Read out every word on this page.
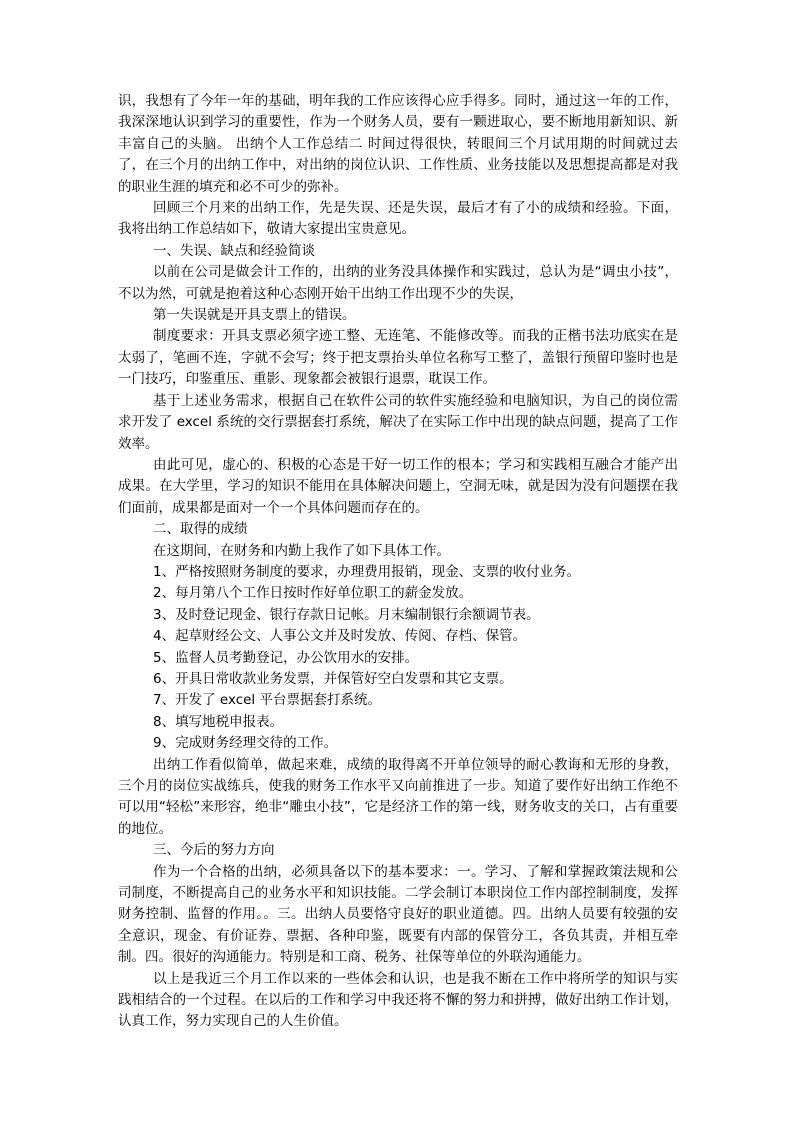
识，我想有了今年一年的基础，明年我的工作应该得心应手得多。同时，通过这一年的工作，我深深地认识到学习的重要性，作为一个财务人员，要有一颗进取心，要不断地用新知识、新丰富自己的头脑。 出纳个人工作总结二 时间过得很快，转眼间三个月试用期的时间就过去了，在三个月的出纳工作中，对出纳的岗位认识、工作性质、业务技能以及思想提高都是对我的职业生涯的填充和必不可少的弥补。

回顾三个月来的出纳工作，先是失误、还是失误，最后才有了小的成绩和经验。下面，我将出纳工作总结如下，敬请大家提出宝贵意见。

一、失误、缺点和经验简谈

以前在公司是做会计工作的，出纳的业务没具体操作和实践过，总认为是“调虫小技”，不以为然，可就是抱着这种心态刚开始干出纳工作出现不少的失误，

第一失误就是开具支票上的错误。

制度要求：开具支票必须字迹工整、无连笔、不能修改等。而我的正楷书法功底实在是太弱了，笔画不连，字就不会写；终于把支票抬头单位名称写工整了，盖银行预留印鉴时也是一门技巧，印鉴重压、重影、现象都会被银行退票，耽误工作。

基于上述业务需求，根据自己在软件公司的软件实施经验和电脑知识，为自己的岗位需求开发了 excel 系统的交行票据套打系统，解决了在实际工作中出现的缺点问题，提高了工作效率。

由此可见，虚心的、积极的心态是干好一切工作的根本；学习和实践相互融合才能产出成果。在大学里，学习的知识不能用在具体解决问题上，空洞无味，就是因为没有问题摆在我们面前，成果都是面对一个一个具体问题而存在的。

二、取得的成绩

在这期间，在财务和内勤上我作了如下具体工作。

1、严格按照财务制度的要求，办理费用报销，现金、支票的收付业务。

2、每月第八个工作日按时作好单位职工的薪金发放。

3、及时登记现金、银行存款日记帐。月末编制银行余额调节表。

4、起草财经公文、人事公文并及时发放、传阅、存档、保管。

5、监督人员考勤登记，办公饮用水的安排。

6、开具日常收款业务发票，并保管好空白发票和其它支票。

7、开发了 excel 平台票据套打系统。

8、填写地税申报表。

9、完成财务经理交待的工作。

出纳工作看似简单，做起来难，成绩的取得离不开单位领导的耐心教诲和无形的身教，三个月的岗位实战练兵，使我的财务工作水平又向前推进了一步。知道了要作好出纳工作绝不可以用“轻松”来形容，绝非“雕虫小技”，它是经济工作的第一线，财务收支的关口，占有重要的地位。

三、今后的努力方向

作为一个合格的出纳，必须具备以下的基本要求：一。学习、了解和掌握政策法规和公司制度，不断提高自己的业务水平和知识技能。二学会制订本职岗位工作内部控制制度，发挥财务控制、监督的作用。。三。出纳人员要恪守良好的职业道德。四。出纳人员要有较强的安全意识，现金、有价证券、票据、各种印鉴，既要有内部的保管分工，各负其责，并相互牵制。四。很好的沟通能力。特别是和工商、税务、社保等单位的外联沟通能力。

以上是我近三个月工作以来的一些体会和认识，也是我不断在工作中将所学的知识与实践相结合的一个过程。在以后的工作和学习中我还将不懈的努力和拼搏，做好出纳工作计划，认真工作，努力实现自己的人生价值。
